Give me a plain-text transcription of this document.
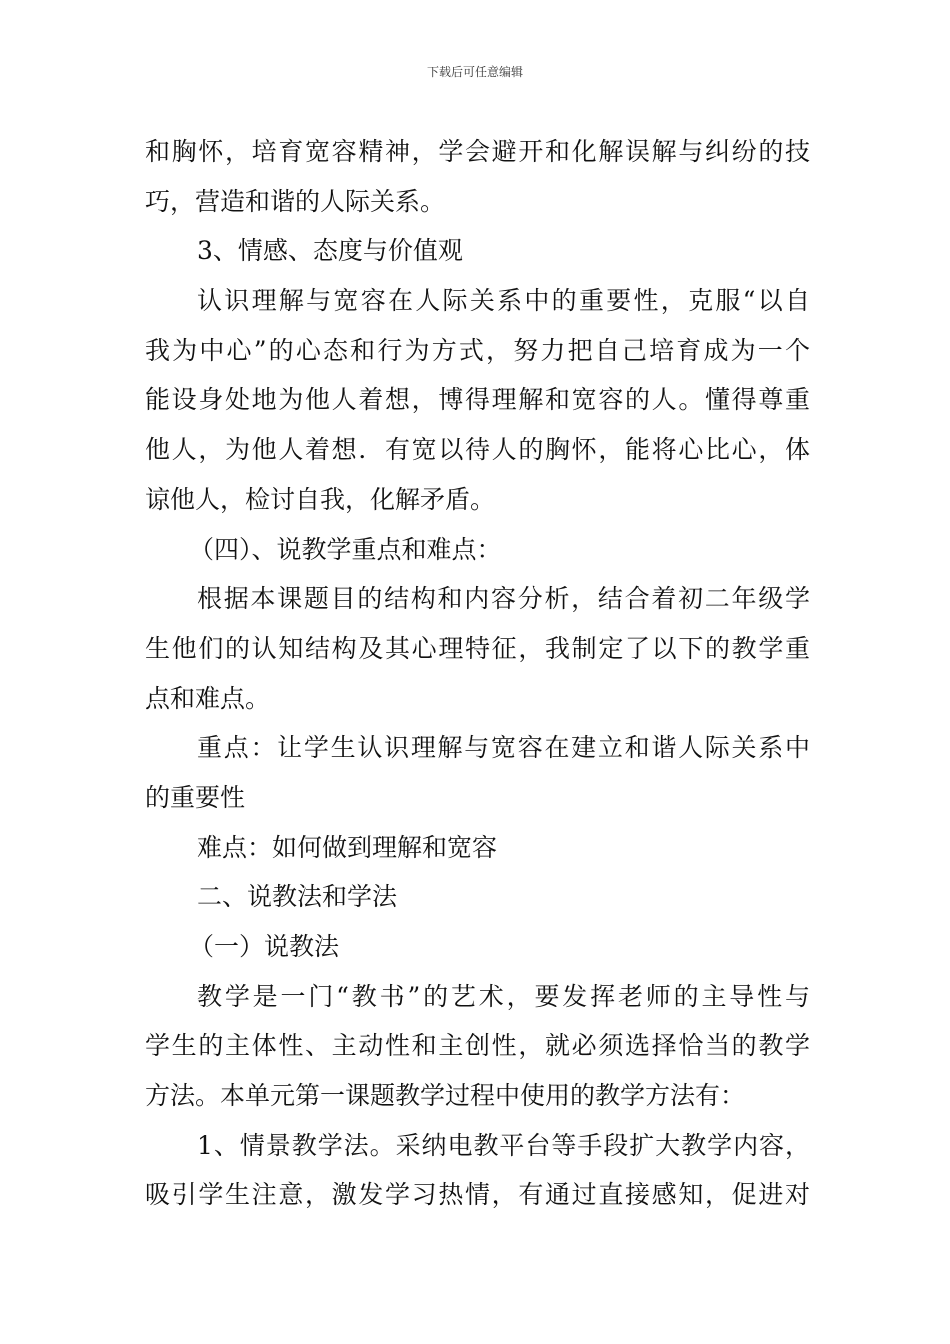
下载后可任意编辑
和胸怀，培育宽容精神，学会避开和化解误解与纠纷的技
巧，营造和谐的人际关系。
3、情感、态度与价值观
认识理解与宽容在人际关系中的重要性，克服“以自
我为中心”的心态和行为方式，努力把自己培育成为一个
能设身处地为他人着想，博得理解和宽容的人。懂得尊重
他人，为他人着想．有宽以待人的胸怀，能将心比心，体
谅他人，检讨自我，化解矛盾。
（四）、说教学重点和难点：
根据本课题目的结构和内容分析，结合着初二年级学
生他们的认知结构及其心理特征，我制定了以下的教学重
点和难点。
重点：让学生认识理解与宽容在建立和谐人际关系中
的重要性
难点：如何做到理解和宽容
二、说教法和学法
（一）说教法
教学是一门“教书”的艺术，要发挥老师的主导性与
学生的主体性、主动性和主创性，就必须选择恰当的教学
方法。本单元第一课题教学过程中使用的教学方法有：
1、情景教学法。采纳电教平台等手段扩大教学内容，
吸引学生注意，激发学习热情，有通过直接感知，促进对
